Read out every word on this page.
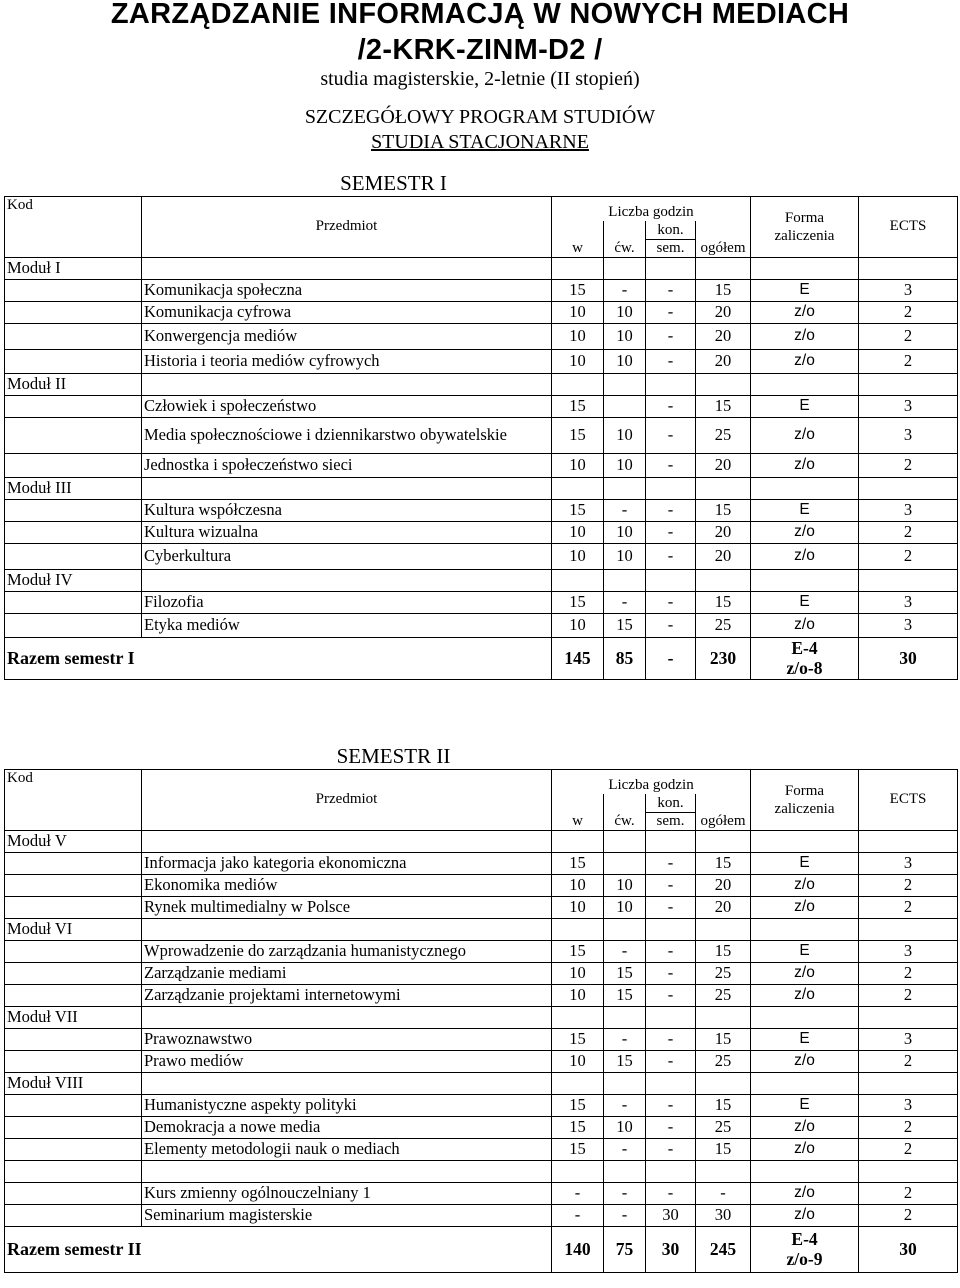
ZARZĄDZANIE INFORMACJĄ W NOWYCH MEDIACH
/2-KRK-ZINM-D2 /
studia magisterskie, 2-letnie (II stopień)
SZCZEGÓŁOWY PROGRAM STUDIÓW
STUDIA STACJONARNE
	SEMESTR I						
Kod	Przedmiot	Liczba godzin				Forma
zaliczenia	ECTS
		w	ćw.	kon.
sem.	ogółem		
Moduł I							
	Komunikacja społeczna	15	-	-	15	E	3
	Komunikacja cyfrowa	10	10	-	20	z/o	2
	Konwergencja mediów	10	10	-	20	z/o	2
	Historia i teoria mediów cyfrowych	10	10	-	20	z/o	2
Moduł II							
	Człowiek i społeczeństwo	15		-	15	E	3
	Media społecznościowe i dziennikarstwo obywatelskie	15	10	-	25	z/o	3
	Jednostka i społeczeństwo sieci	10	10	-	20	z/o	2
Moduł III							
	Kultura współczesna	15	-	-	15	E	3
	Kultura wizualna	10	10	-	20	z/o	2
	Cyberkultura	10	10	-	20	z/o	2
Moduł IV							
	Filozofia	15	-	-	15	E	3
	Etyka mediów	10	15	-	25	z/o	3
Razem semestr I		145	85	-	230	E-4
z/o-8	30
	SEMESTR II						
Kod	Przedmiot	Liczba godzin				Forma
zaliczenia	ECTS
		w	ćw.	kon.
sem.	ogółem		
Moduł V							
	Informacja jako kategoria ekonomiczna	15		-	15	E	3
	Ekonomika mediów	10	10	-	20	z/o	2
	Rynek multimedialny w Polsce	10	10	-	20	z/o	2
Moduł VI							
	Wprowadzenie do zarządzania humanistycznego	15	-	-	15	E	3
	Zarządzanie mediami	10	15	-	25	z/o	2
	Zarządzanie projektami internetowymi	10	15	-	25	z/o	2
Moduł VII							
	Prawoznawstwo	15	-	-	15	E	3
	Prawo mediów	10	15	-	25	z/o	2
Moduł VIII							
	Humanistyczne aspekty polityki	15	-	-	15	E	3
	Demokracja a nowe media	15	10	-	25	z/o	2
	Elementy metodologii nauk o mediach	15	-	-	15	z/o	2

	Kurs zmienny ogólnouczelniany 1	-	-	-	-	z/o	2
	Seminarium magisterskie	-	-	30	30	z/o	2
Razem semestr II		140	75	30	245	E-4
z/o-9	30
